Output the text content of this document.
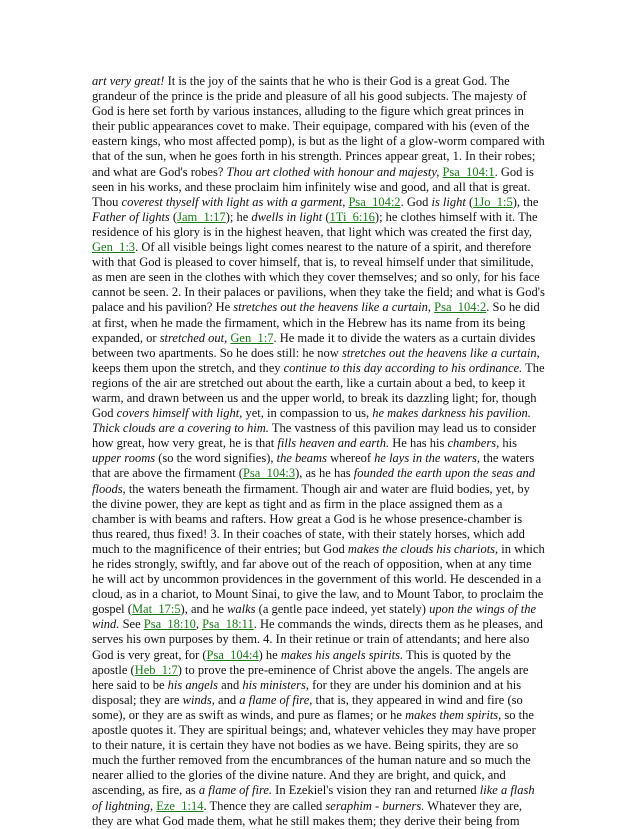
art very great! It is the joy of the saints that he who is their God is a great God. The grandeur of the prince is the pride and pleasure of all his good subjects. The majesty of God is here set forth by various instances, alluding to the figure which great princes in their public appearances covet to make. Their equipage, compared with his (even of the eastern kings, who most affected pomp), is but as the light of a glow-worm compared with that of the sun, when he goes forth in his strength. Princes appear great, 1. In their robes; and what are God's robes? Thou art clothed with honour and majesty, Psa_104:1. God is seen in his works, and these proclaim him infinitely wise and good, and all that is great. Thou coverest thyself with light as with a garment, Psa_104:2. God is light (1Jo_1:5), the Father of lights (Jam_1:17); he dwells in light (1Ti_6:16); he clothes himself with it. The residence of his glory is in the highest heaven, that light which was created the first day, Gen_1:3. Of all visible beings light comes nearest to the nature of a spirit, and therefore with that God is pleased to cover himself, that is, to reveal himself under that similitude, as men are seen in the clothes with which they cover themselves; and so only, for his face cannot be seen. 2. In their palaces or pavilions, when they take the field; and what is God's palace and his pavilion? He stretches out the heavens like a curtain, Psa_104:2. So he did at first, when he made the firmament, which in the Hebrew has its name from its being expanded, or stretched out, Gen_1:7. He made it to divide the waters as a curtain divides between two apartments. So he does still: he now stretches out the heavens like a curtain, keeps them upon the stretch, and they continue to this day according to his ordinance. The regions of the air are stretched out about the earth, like a curtain about a bed, to keep it warm, and drawn between us and the upper world, to break its dazzling light; for, though God covers himself with light, yet, in compassion to us, he makes darkness his pavilion. Thick clouds are a covering to him. The vastness of this pavilion may lead us to consider how great, how very great, he is that fills heaven and earth. He has his chambers, his upper rooms (so the word signifies), the beams whereof he lays in the waters, the waters that are above the firmament (Psa_104:3), as he has founded the earth upon the seas and floods, the waters beneath the firmament. Though air and water are fluid bodies, yet, by the divine power, they are kept as tight and as firm in the place assigned them as a chamber is with beams and rafters. How great a God is he whose presence-chamber is thus reared, thus fixed! 3. In their coaches of state, with their stately horses, which add much to the magnificence of their entries; but God makes the clouds his chariots, in which he rides strongly, swiftly, and far above out of the reach of opposition, when at any time he will act by uncommon providences in the government of this world. He descended in a cloud, as in a chariot, to Mount Sinai, to give the law, and to Mount Tabor, to proclaim the gospel (Mat_17:5), and he walks (a gentle pace indeed, yet stately) upon the wings of the wind. See Psa_18:10, Psa_18:11. He commands the winds, directs them as he pleases, and serves his own purposes by them. 4. In their retinue or train of attendants; and here also God is very great, for (Psa_104:4) he makes his angels spirits. This is quoted by the apostle (Heb_1:7) to prove the pre-eminence of Christ above the angels. The angels are here said to be his angels and his ministers, for they are under his dominion and at his disposal; they are winds, and a flame of fire, that is, they appeared in wind and fire (so some), or they are as swift as winds, and pure as flames; or he makes them spirits, so the apostle quotes it. They are spiritual beings; and, whatever vehicles they may have proper to their nature, it is certain they have not bodies as we have. Being spirits, they are so much the further removed from the encumbrances of the human nature and so much the nearer allied to the glories of the divine nature. And they are bright, and quick, and ascending, as fire, as a flame of fire. In Ezekiel's vision they ran and returned like a flash of lightning, Eze_1:14. Thence they are called seraphim - burners. Whatever they are, they are what God made them, what he still makes them; they derive their being from
